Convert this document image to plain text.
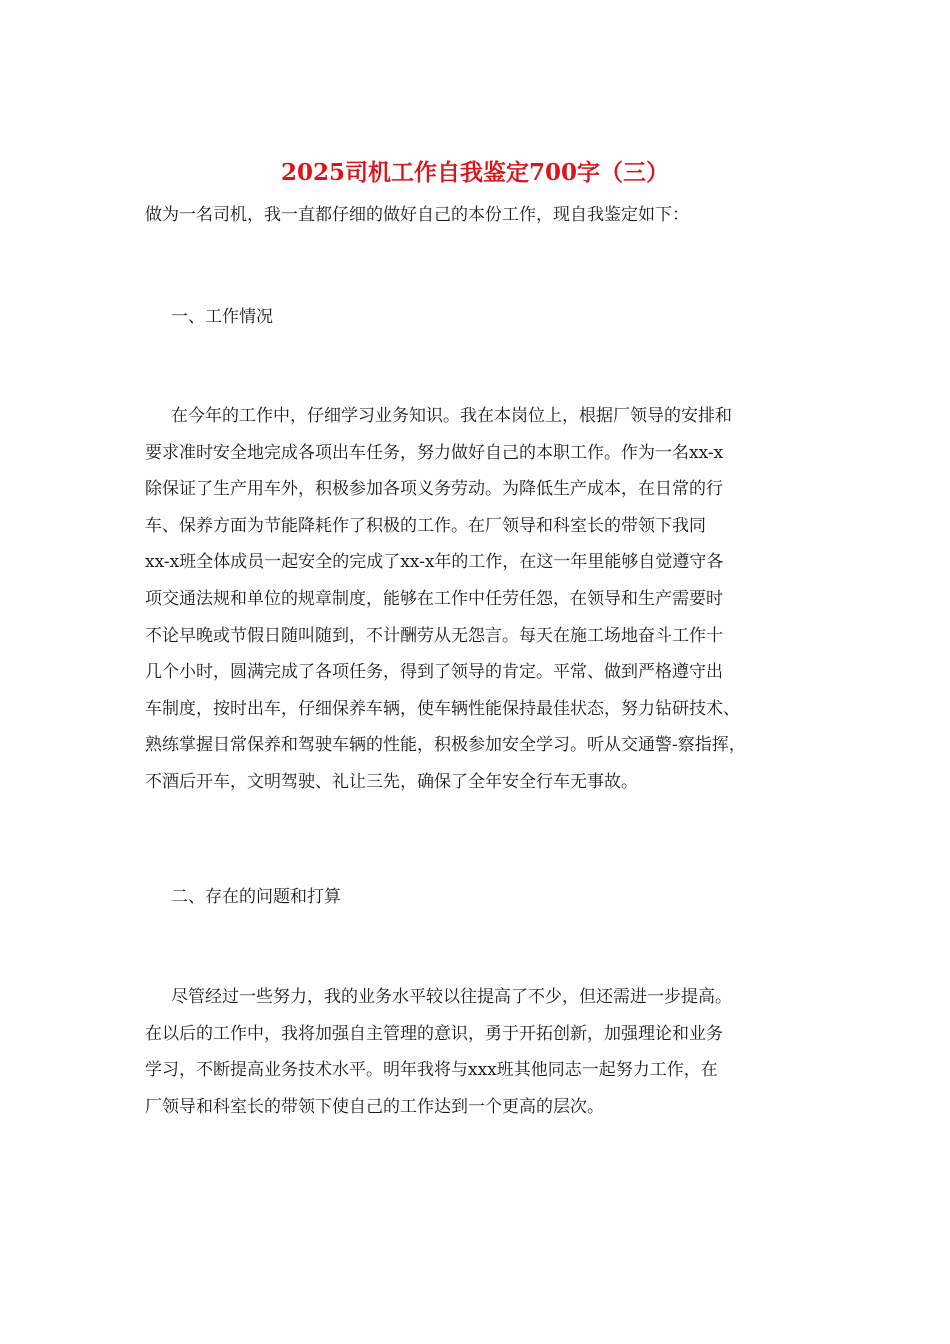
2025司机工作自我鉴定700字（三）
做为一名司机，我一直都仔细的做好自己的本份工作，现自我鉴定如下：
一、工作情况
在今年的工作中，仔细学习业务知识。我在本岗位上，根据厂领导的安排和
要求准时安全地完成各项出车任务，努力做好自己的本职工作。作为一名xx-x
除保证了生产用车外，积极参加各项义务劳动。为降低生产成本，在日常的行
车、保养方面为节能降耗作了积极的工作。在厂领导和科室长的带领下我同
xx-x班全体成员一起安全的完成了xx-x年的工作，在这一年里能够自觉遵守各
项交通法规和单位的规章制度，能够在工作中任劳任怨，在领导和生产需要时
不论早晚或节假日随叫随到，不计酬劳从无怨言。每天在施工场地奋斗工作十
几个小时，圆满完成了各项任务，得到了领导的肯定。平常、做到严格遵守出
车制度，按时出车，仔细保养车辆，使车辆性能保持最佳状态，努力钻研技术、
熟练掌握日常保养和驾驶车辆的性能，积极参加安全学习。听从交通警-察指挥，
不酒后开车，文明驾驶、礼让三先，确保了全年安全行车无事故。
二、存在的问题和打算
尽管经过一些努力，我的业务水平较以往提高了不少，但还需进一步提高。
在以后的工作中，我将加强自主管理的意识，勇于开拓创新，加强理论和业务
学习，不断提高业务技术水平。明年我将与xxx班其他同志一起努力工作，在
厂领导和科室长的带领下使自己的工作达到一个更高的层次。
